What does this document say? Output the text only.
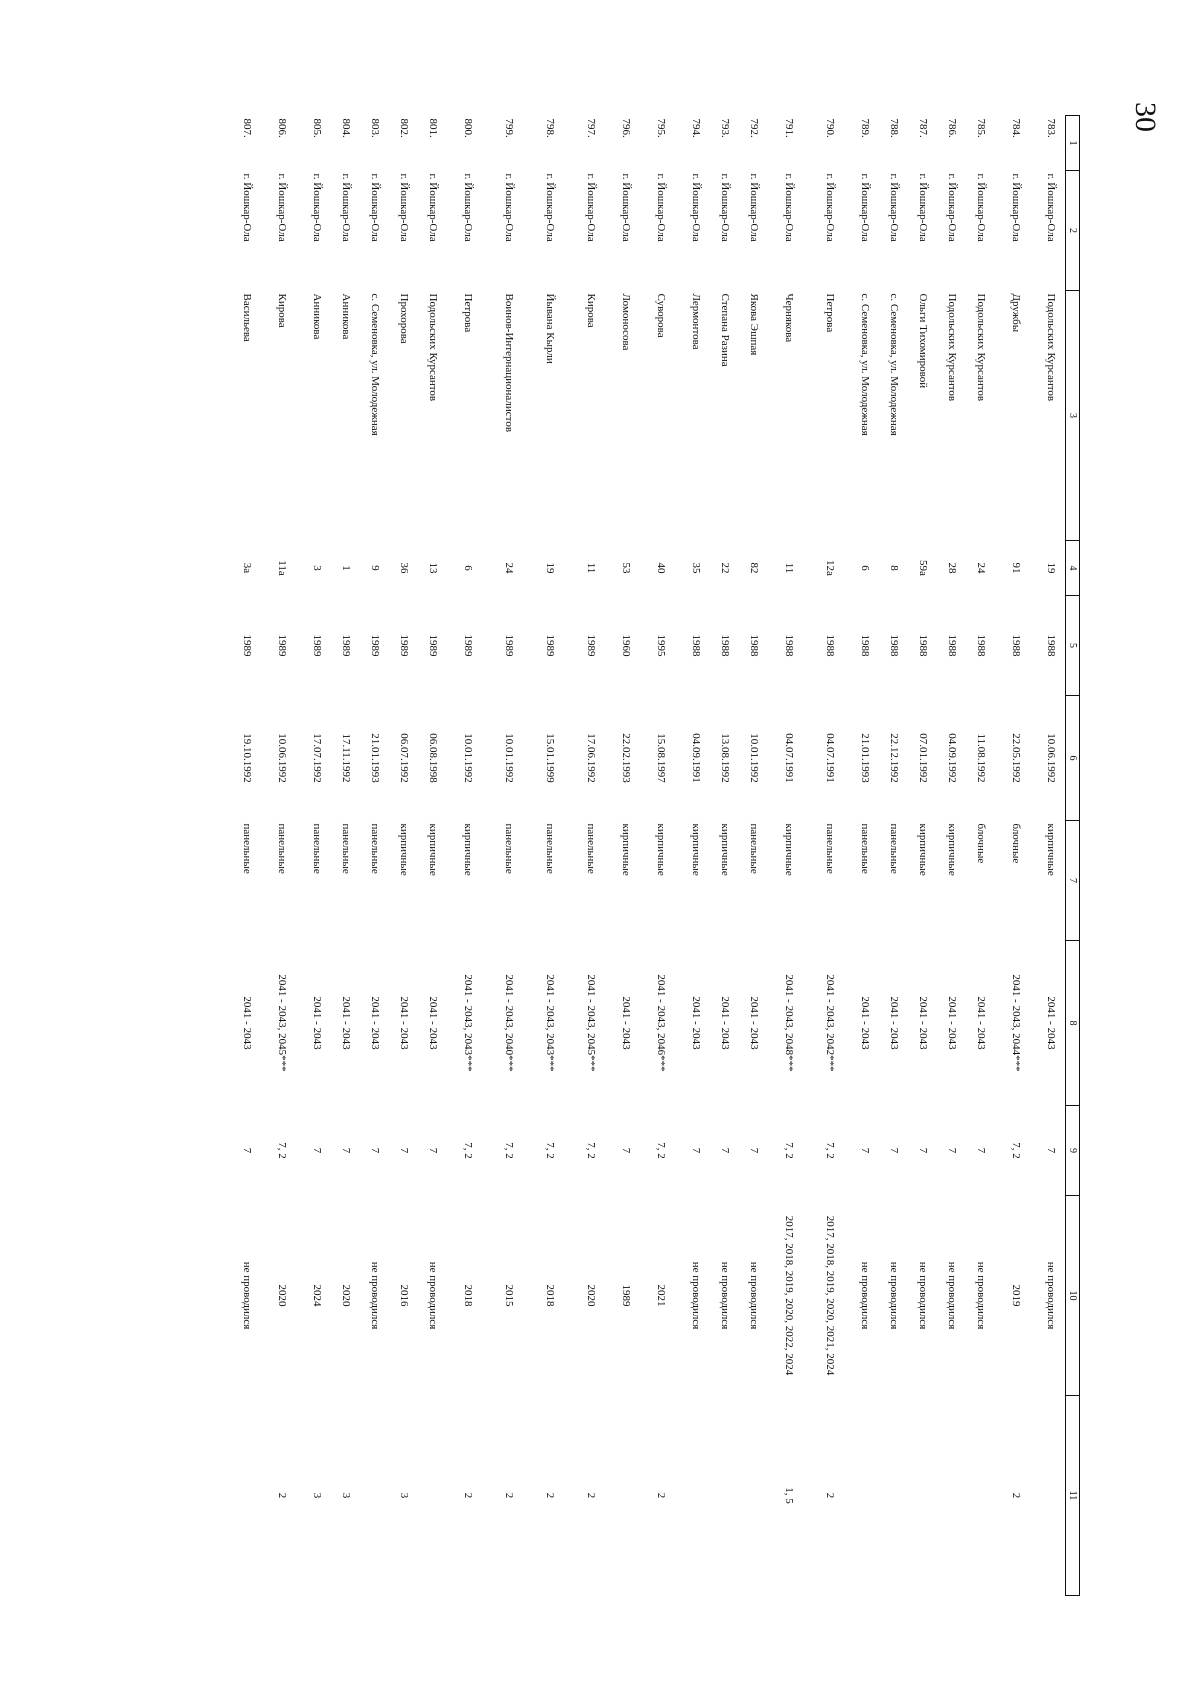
30
1	2	3	4	5	6	7	8	9	10	11
783.	г. Йошкар-Ола	Подольских Курсантов	19	1988	10.06.1992	кирпичные	2041 - 2043	7	не проводился	
784.	г. Йошкар-Ола	Дружбы	91	1988	22.05.1992	блочные	2041 - 2043, 2044***	7, 2	2019	2
785.	г. Йошкар-Ола	Подольских Курсантов	24	1988	11.08.1992	блочные	2041 - 2043	7	не проводился	
786.	г. Йошкар-Ола	Подольских Курсантов	28	1988	04.09.1992	кирпичные	2041 - 2043	7	не проводился	
787.	г. Йошкар-Ола	Ольги Тихомировой	59а	1988	07.01.1992	кирпичные	2041 - 2043	7	не проводился	
788.	г. Йошкар-Ола	с. Семеновка, ул. Молодежная	8	1988	22.12.1992	панельные	2041 - 2043	7	не проводился	
789.	г. Йошкар-Ола	с. Семеновка, ул. Молодежная	6	1988	21.01.1993	панельные	2041 - 2043	7	не проводился	
790.	г. Йошкар-Ола	Петрова	12а	1988	04.07.1991	панельные	2041 - 2043, 2042***	7, 2	2017, 2018, 2019, 2020, 2021, 2024	2
791.	г. Йошкар-Ола	Чернякова	11	1988	04.07.1991	кирпичные	2041 - 2043, 2048***	7, 2	2017, 2018, 2019, 2020, 2022, 2024	1, 5
792.	г. Йошкар-Ола	Якова Эшпая	82	1988	10.01.1992	панельные	2041 - 2043	7	не проводился	
793.	г. Йошкар-Ола	Степана Разина	22	1988	13.08.1992	кирпичные	2041 - 2043	7	не проводился	
794.	г. Йошкар-Ола	Лермонтова	35	1988	04.09.1991	кирпичные	2041 - 2043	7	не проводился	
795.	г. Йошкар-Ола	Суворова	40	1995	15.08.1997	кирпичные	2041 - 2043, 2046***	7, 2	2021	2
796.	г. Йошкар-Ола	Ломоносова	53	1960	22.02.1993	кирпичные	2041 - 2043	7	1989	
797.	г. Йошкар-Ола	Кирова	11	1989	17.06.1992	панельные	2041 - 2043, 2045***	7, 2	2020	2
798.	г. Йошкар-Ола	Йывана Кырли	19	1989	15.01.1999	панельные	2041 - 2043, 2043***	7, 2	2018	2
799.	г. Йошкар-Ола	Воинов-Интернационалистов	24	1989	10.01.1992	панельные	2041 - 2043, 2040***	7, 2	2015	2
800.	г. Йошкар-Ола	Петрова	6	1989	10.01.1992	кирпичные	2041 - 2043, 2043***	7, 2	2018	2
801.	г. Йошкар-Ола	Подольских Курсантов	13	1989	06.08.1998	кирпичные	2041 - 2043	7	не проводился	
802.	г. Йошкар-Ола	Прохорова	36	1989	06.07.1992	кирпичные	2041 - 2043	7	2016	3
803.	г. Йошкар-Ола	с. Семеновка, ул. Молодежная	9	1989	21.01.1993	панельные	2041 - 2043	7	не проводился	
804.	г. Йошкар-Ола	Анникова	1	1989	17.11.1992	панельные	2041 - 2043	7	2020	3
805.	г. Йошкар-Ола	Анникова	3	1989	17.07.1992	панельные	2041 - 2043	7	2024	3
806.	г. Йошкар-Ола	Кирова	11а	1989	10.06.1992	панельные	2041 - 2043, 2045***	7, 2	2020	2
807.	г. Йошкар-Ола	Васильева	3а	1989	19.10.1992	панельные	2041 - 2043	7	не проводился	
